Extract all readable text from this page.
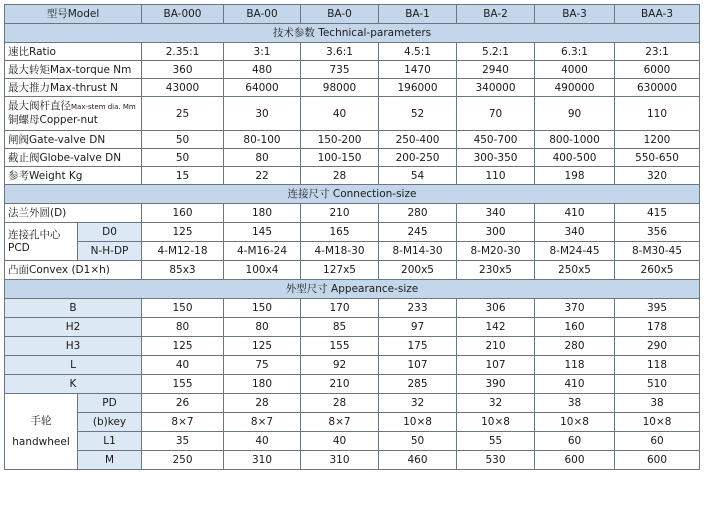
型号Model		BA-000	BA-00	BA-0	BA-1	BA-2	BA-3	BAA-3
技术参数 Technical-parameters								
速比Ratio		2.35:1	3:1	3.6:1	4.5:1	5.2:1	6.3:1	23:1
最大转矩Max-torque Nm		360	480	735	1470	2940	4000	6000
最大推力Max-thrust N		43000	64000	98000	196000	340000	490000	630000

最大阀杆直径Max-stem dia. Mm
铜螺母Copper-nut		25	30	40	52	70	90	110
闸阀Gate-valve DN		50	80-100	150-200	250-400	450-700	800-1000	1200
截止阀Globe-valve DN		50	80	100-150	200-250	300-350	400-500	550-650
参考Weight Kg		15	22	28	54	110	198	320
连接尺寸 Connection-size								
法兰外圆(D)		160	180	210	280	340	410	415

连接孔中心
PCD	D0	125	145	165	245	300	340	356
	N-H-DP	4-M12-18	4-M16-24	4-M18-30	8-M14-30	8-M20-30	8-M24-45	8-M30-45
凸面Convex (D1×h)		85x3	100x4	127x5	200x5	230x5	250x5	260x5
外型尺寸 Appearance-size								
B		150	150	170	233	306	370	395
H2		80	80	85	97	142	160	178
H3		125	125	155	175	210	280	290
L		40	75	92	107	107	118	118
K		155	180	210	285	390	410	510

手轮
handwheel	PD	26	28	28	32	32	38	38
	(b)key	8×7	8×7	8×7	10×8	10×8	10×8	10×8
	L1	35	40	40	50	55	60	60
	M	250	310	310	460	530	600	600
